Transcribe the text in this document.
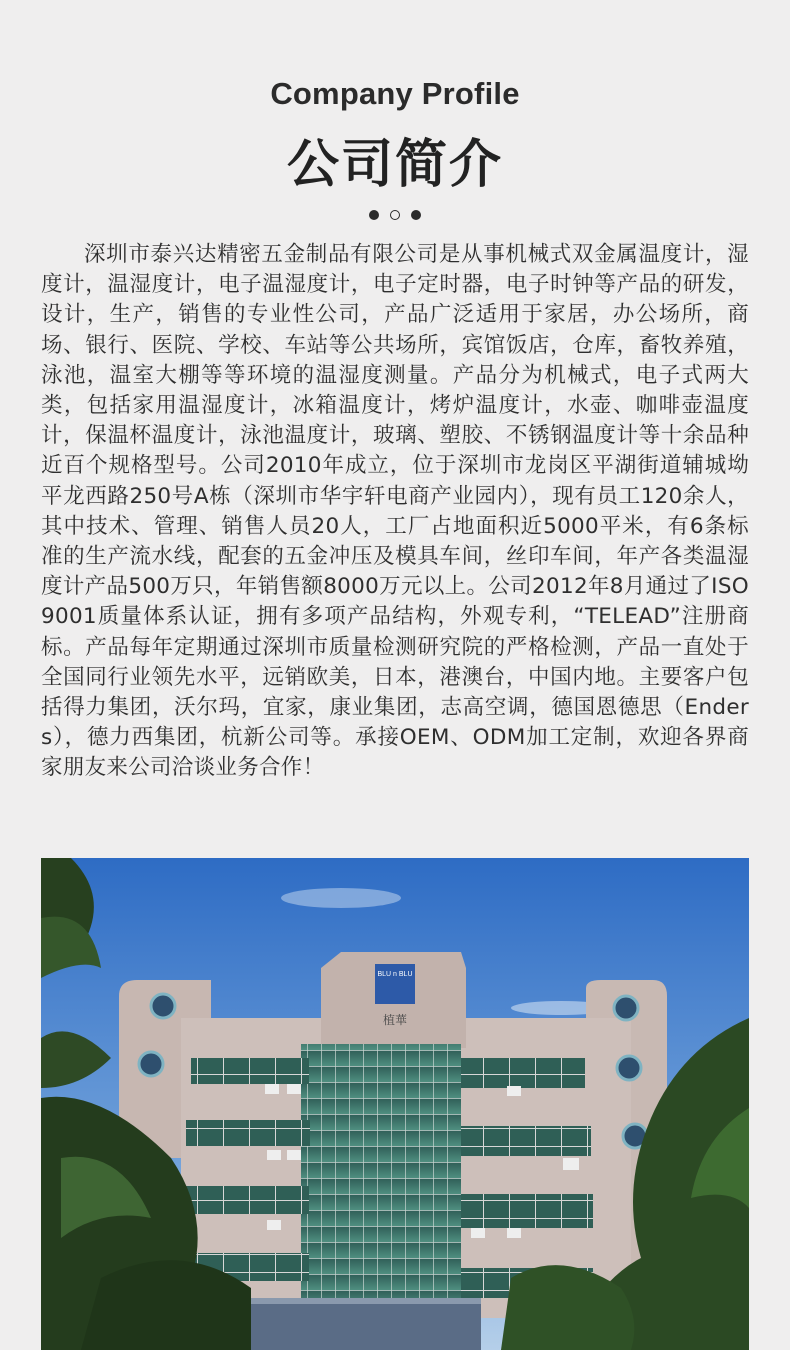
Company Profile
公司简介

深圳市泰兴达精密五金制品有限公司是从事机械式双金属温度计，湿度计，温湿度计，电子温湿度计，电子定时器，电子时钟等产品的研发，设计，生产，销售的专业性公司，产品广泛适用于家居，办公场所，商场、银行、医院、学校、车站等公共场所，宾馆饭店，仓库，畜牧养殖，泳池，温室大棚等等环境的温湿度测量。产品分为机械式，电子式两大类，包括家用温湿度计，冰箱温度计，烤炉温度计，水壶、咖啡壶温度计，保温杯温度计，泳池温度计，玻璃、塑胶、不锈钢温度计等十余品种近百个规格型号。公司2010年成立，位于深圳市龙岗区平湖街道辅城坳平龙西路250号A栋（深圳市华宇轩电商产业园内），现有员工120余人，其中技术、管理、销售人员20人，工厂占地面积近5000平米，有6条标准的生产流水线，配套的五金冲压及模具车间，丝印车间，年产各类温湿度计产品500万只，年销售额8000万元以上。公司2012年8月通过了ISO9001质量体系认证，拥有多项产品结构，外观专利，“TELEAD”注册商标。产品每年定期通过深圳市质量检测研究院的严格检测，产品一直处于全国同行业领先水平，远销欧美，日本，港澳台，中国内地。主要客户包括得力集团，沃尔玛，宜家，康业集团，志高空调，德国恩德思（Enders），德力西集团，杭新公司等。承接OEM、ODM加工定制，欢迎各界商家朋友来公司洽谈业务合作！

BLU n BLU
植華
